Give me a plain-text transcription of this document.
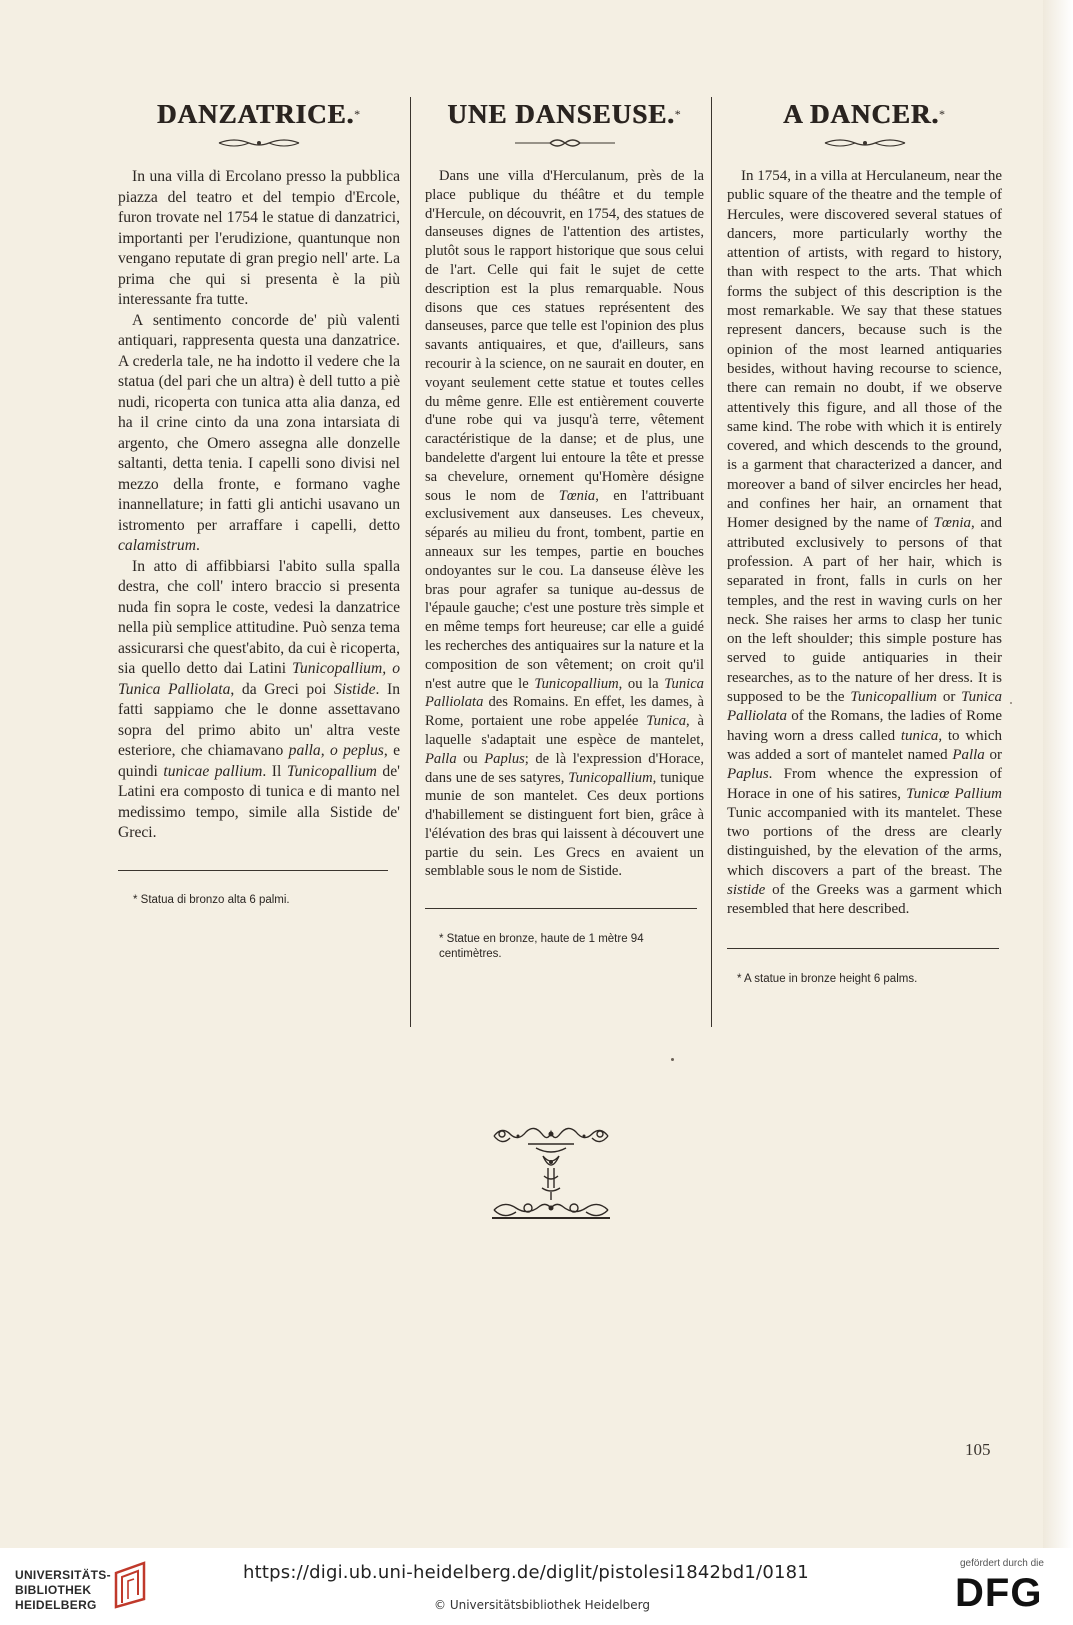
DANZATRICE.*

In una villa di Ercolano presso la pubblica piazza del teatro et del tempio d'Ercole, furon trovate nel 1754 le statue di danzatrici, importanti per l'erudizione, quantunque non vengano reputate di gran pregio nell' arte. La prima che qui si presenta è la più interessante fra tutte.

A sentimento concorde de' più valenti antiquari, rappresenta questa una danzatrice. A crederla tale, ne ha indotto il vedere che la statua (del pari che un altra) è dell tutto a piè nudi, ricoperta con tunica atta alia danza, ed ha il crine cinto da una zona intarsiata di argento, che Omero assegna alle donzelle saltanti, detta tenia. I capelli sono divisi nel mezzo della fronte, e formano vaghe inannellature; in fatti gli antichi usavano un istromento per arraffare i capelli, detto calamistrum.

In atto di affibbiarsi l'abito sulla spalla destra, che coll' intero braccio si presenta nuda fin sopra le coste, vedesi la danzatrice nella più semplice attitudine. Può senza tema assicurarsi che quest'abito, da cui è ricoperta, sia quello detto dai Latini Tunicopallium, o Tunica Palliolata, da Greci poi Sistide. In fatti sappiamo che le donne assettavano sopra del primo abito un' altra veste esteriore, che chiamavano palla, o peplus, e quindi tunicae pallium. Il Tunicopallium de' Latini era composto di tunica e di manto nel medissimo tempo, simile alla Sistide de' Greci.

* Statua di bronzo alta 6 palmi.
UNE DANSEUSE.*

Dans une villa d'Herculanum, près de la place publique du théâtre et du temple d'Hercule, on découvrit, en 1754, des statues de danseuses dignes de l'attention des artistes, plutôt sous le rapport historique que sous celui de l'art. Celle qui fait le sujet de cette description est la plus remarquable. Nous disons que ces statues représentent des danseuses, parce que telle est l'opinion des plus savants antiquaires, et que, d'ailleurs, sans recourir à la science, on ne saurait en douter, en voyant seulement cette statue et toutes celles du même genre. Elle est entièrement couverte d'une robe qui va jusqu'à terre, vêtement caractéristique de la danse; et de plus, une bandelette d'argent lui entoure la tête et presse sa chevelure, ornement qu'Homère désigne sous le nom de Tœnia, en l'attribuant exclusivement aux danseuses. Les cheveux, séparés au milieu du front, tombent, partie en anneaux sur les tempes, partie en bouches ondoyantes sur le cou. La danseuse élève les bras pour agrafer sa tunique au-dessus de l'épaule gauche; c'est une posture très simple et en même temps fort heureuse; car elle a guidé les recherches des antiquaires sur la nature et la composition de son vêtement; on croit qu'il n'est autre que le Tunicopallium, ou la Tunica Palliolata des Romains. En effet, les dames, à Rome, portaient une robe appelée Tunica, à laquelle s'adaptait une espèce de mantelet, Palla ou Paplus; de là l'expression d'Horace, dans une de ses satyres, Tunicopallium, tunique munie de son mantelet. Ces deux portions d'habillement se distinguent fort bien, grâce à l'élévation des bras qui laissent à découvert une partie du sein. Les Grecs en avaient un semblable sous le nom de Sistide.

* Statue en bronze, haute de 1 mètre 94 centimètres.
A DANCER.*

In 1754, in a villa at Herculaneum, near the public square of the theatre and the temple of Hercules, were discovered several statues of dancers, more particularly worthy the attention of artists, with regard to history, than with respect to the arts. That which forms the subject of this description is the most remarkable. We say that these statues represent dancers, because such is the opinion of the most learned antiquaries besides, without having recourse to science, there can remain no doubt, if we observe attentively this figure, and all those of the same kind. The robe with which it is entirely covered, and which descends to the ground, is a garment that characterized a dancer, and moreover a band of silver encircles her head, and confines her hair, an ornament that Homer designed by the name of Tœnia, and attributed exclusively to persons of that profession. A part of her hair, which is separated in front, falls in curls on her temples, and the rest in waving curls on her neck. She raises her arms to clasp her tunic on the left shoulder; this simple posture has served to guide antiquaries in their researches, as to the nature of her dress. It is supposed to be the Tunicopallium or Tunica Palliolata of the Romans, the ladies of Rome having worn a dress called tunica, to which was added a sort of mantelet named Palla or Paplus. From whence the expression of Horace in one of his satires, Tunicœ Pallium Tunic accompanied with its mantelet. These two portions of the dress are clearly distinguished, by the elevation of the arms, which discovers a part of the breast. The sistide of the Greeks was a garment which resembled that here described.

* A statue in bronze height 6 palms.
105
UNIVERSITÄTS-
BIBLIOTHEK
HEIDELBERG
https://digi.ub.uni-heidelberg.de/diglit/pistolesi1842bd1/0181
© Universitätsbibliothek Heidelberg
gefördert durch die
DFG
